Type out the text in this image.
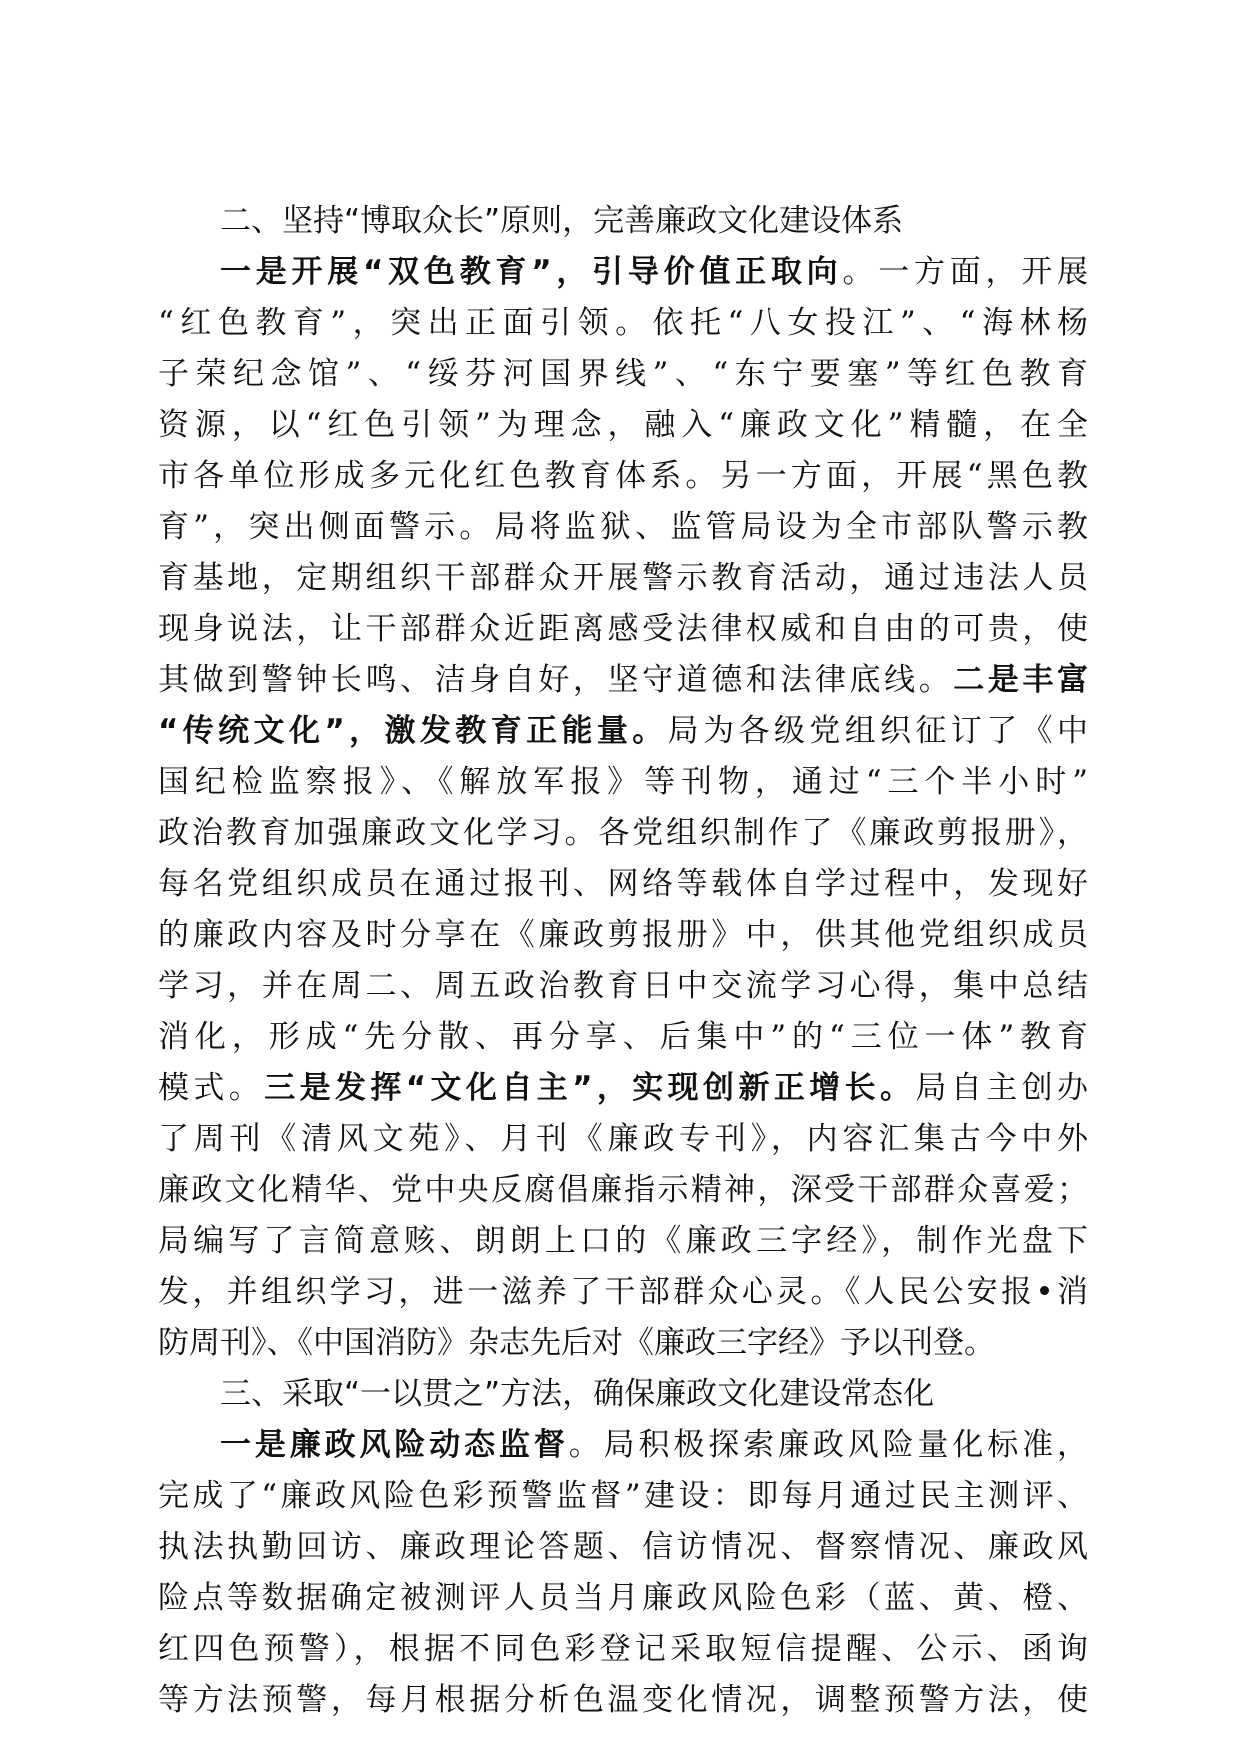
二、坚持“博取众长”原则，完善廉政文化建设体系
一是开展“双色教育”，引导价值正取向。一方面，开展
“红色教育”，突出正面引领。依托“八女投江”、“海林杨
子荣纪念馆”、“绥芬河国界线”、“东宁要塞”等红色教育
资源，以“红色引领”为理念，融入“廉政文化”精髓，在全
市各单位形成多元化红色教育体系。另一方面，开展“黑色教
育”，突出侧面警示。局将监狱、监管局设为全市部队警示教
育基地，定期组织干部群众开展警示教育活动，通过违法人员
现身说法，让干部群众近距离感受法律权威和自由的可贵，使
其做到警钟长鸣、洁身自好，坚守道德和法律底线。二是丰富
“传统文化”，激发教育正能量。局为各级党组织征订了《中
国纪检监察报》、《解放军报》等刊物，通过“三个半小时”
政治教育加强廉政文化学习。各党组织制作了《廉政剪报册》，
每名党组织成员在通过报刊、网络等载体自学过程中，发现好
的廉政内容及时分享在《廉政剪报册》中，供其他党组织成员
学习，并在周二、周五政治教育日中交流学习心得，集中总结
消化，形成“先分散、再分享、后集中”的“三位一体”教育
模式。三是发挥“文化自主”，实现创新正增长。局自主创办
了周刊《清风文苑》、月刊《廉政专刊》，内容汇集古今中外
廉政文化精华、党中央反腐倡廉指示精神，深受干部群众喜爱；
局编写了言简意赅、朗朗上口的《廉政三字经》，制作光盘下
发，并组织学习，进一滋养了干部群众心灵。《人民公安报•消
防周刊》、《中国消防》杂志先后对《廉政三字经》予以刊登。
三、采取“一以贯之”方法，确保廉政文化建设常态化
一是廉政风险动态监督。局积极探索廉政风险量化标准，
完成了“廉政风险色彩预警监督”建设：即每月通过民主测评、
执法执勤回访、廉政理论答题、信访情况、督察情况、廉政风
险点等数据确定被测评人员当月廉政风险色彩（蓝、黄、橙、
红四色预警），根据不同色彩登记采取短信提醒、公示、函询
等方法预警，每月根据分析色温变化情况，调整预警方法，使
